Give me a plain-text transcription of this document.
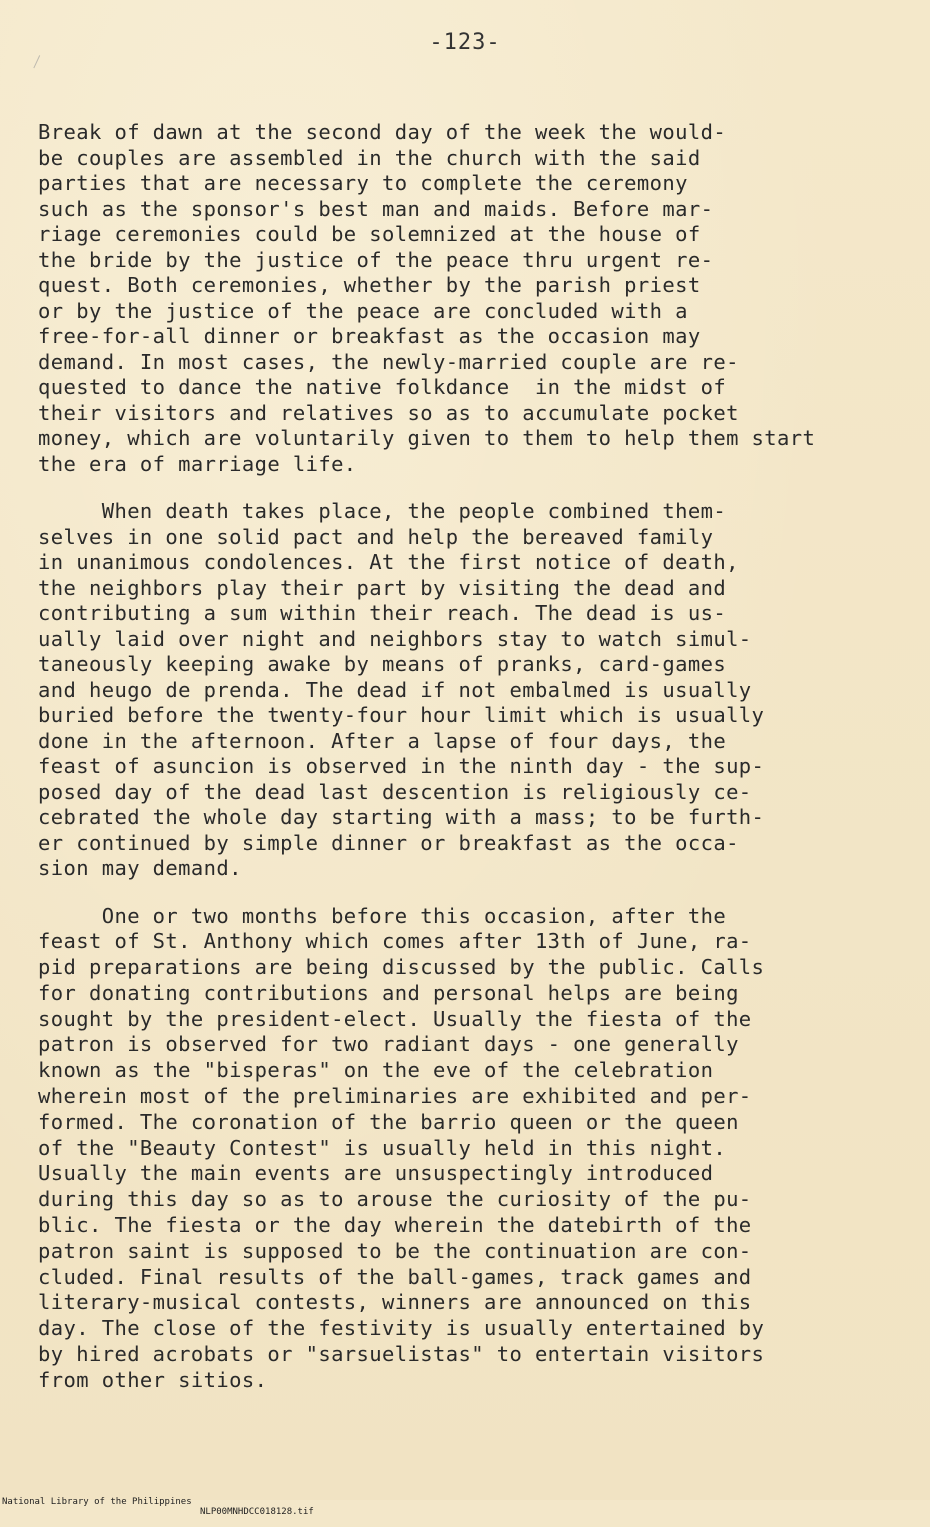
-123-
Break of dawn at the second day of the week the would-
be couples are assembled in the church with the said
parties that are necessary to complete the ceremony
such as the sponsor's best man and maids. Before mar-
riage ceremonies could be solemnized at the house of
the bride by the justice of the peace thru urgent re-
quest. Both ceremonies, whether by the parish priest
or by the justice of the peace are concluded with a
free-for-all dinner or breakfast as the occasion may
demand. In most cases, the newly-married couple are re-
quested to dance the native folkdance  in the midst of
their visitors and relatives so as to accumulate pocket
money, which are voluntarily given to them to help them start
the era of marriage life.
When death takes place, the people combined them-
selves in one solid pact and help the bereaved family
in unanimous condolences. At the first notice of death,
the neighbors play their part by visiting the dead and
contributing a sum within their reach. The dead is us-
ually laid over night and neighbors stay to watch simul-
taneously keeping awake by means of pranks, card-games
and heugo de prenda. The dead if not embalmed is usually
buried before the twenty-four hour limit which is usually
done in the afternoon. After a lapse of four days, the
feast of asuncion is observed in the ninth day - the sup-
posed day of the dead last descention is religiously ce-
cebrated the whole day starting with a mass; to be furth-
er continued by simple dinner or breakfast as the occa-
sion may demand.
One or two months before this occasion, after the
feast of St. Anthony which comes after 13th of June, ra-
pid preparations are being discussed by the public. Calls
for donating contributions and personal helps are being
sought by the president-elect. Usually the fiesta of the
patron is observed for two radiant days - one generally
known as the "bisperas" on the eve of the celebration
wherein most of the preliminaries are exhibited and per-
formed. The coronation of the barrio queen or the queen
of the "Beauty Contest" is usually held in this night.
Usually the main events are unsuspectingly introduced
during this day so as to arouse the curiosity of the pu-
blic. The fiesta or the day wherein the datebirth of the
patron saint is supposed to be the continuation are con-
cluded. Final results of the ball-games, track games and
literary-musical contests, winners are announced on this
day. The close of the festivity is usually entertained by
by hired acrobats or "sarsuelistas" to entertain visitors
from other sitios.

National Library of the Philippines

NLP00MNHDCC018128.tif
